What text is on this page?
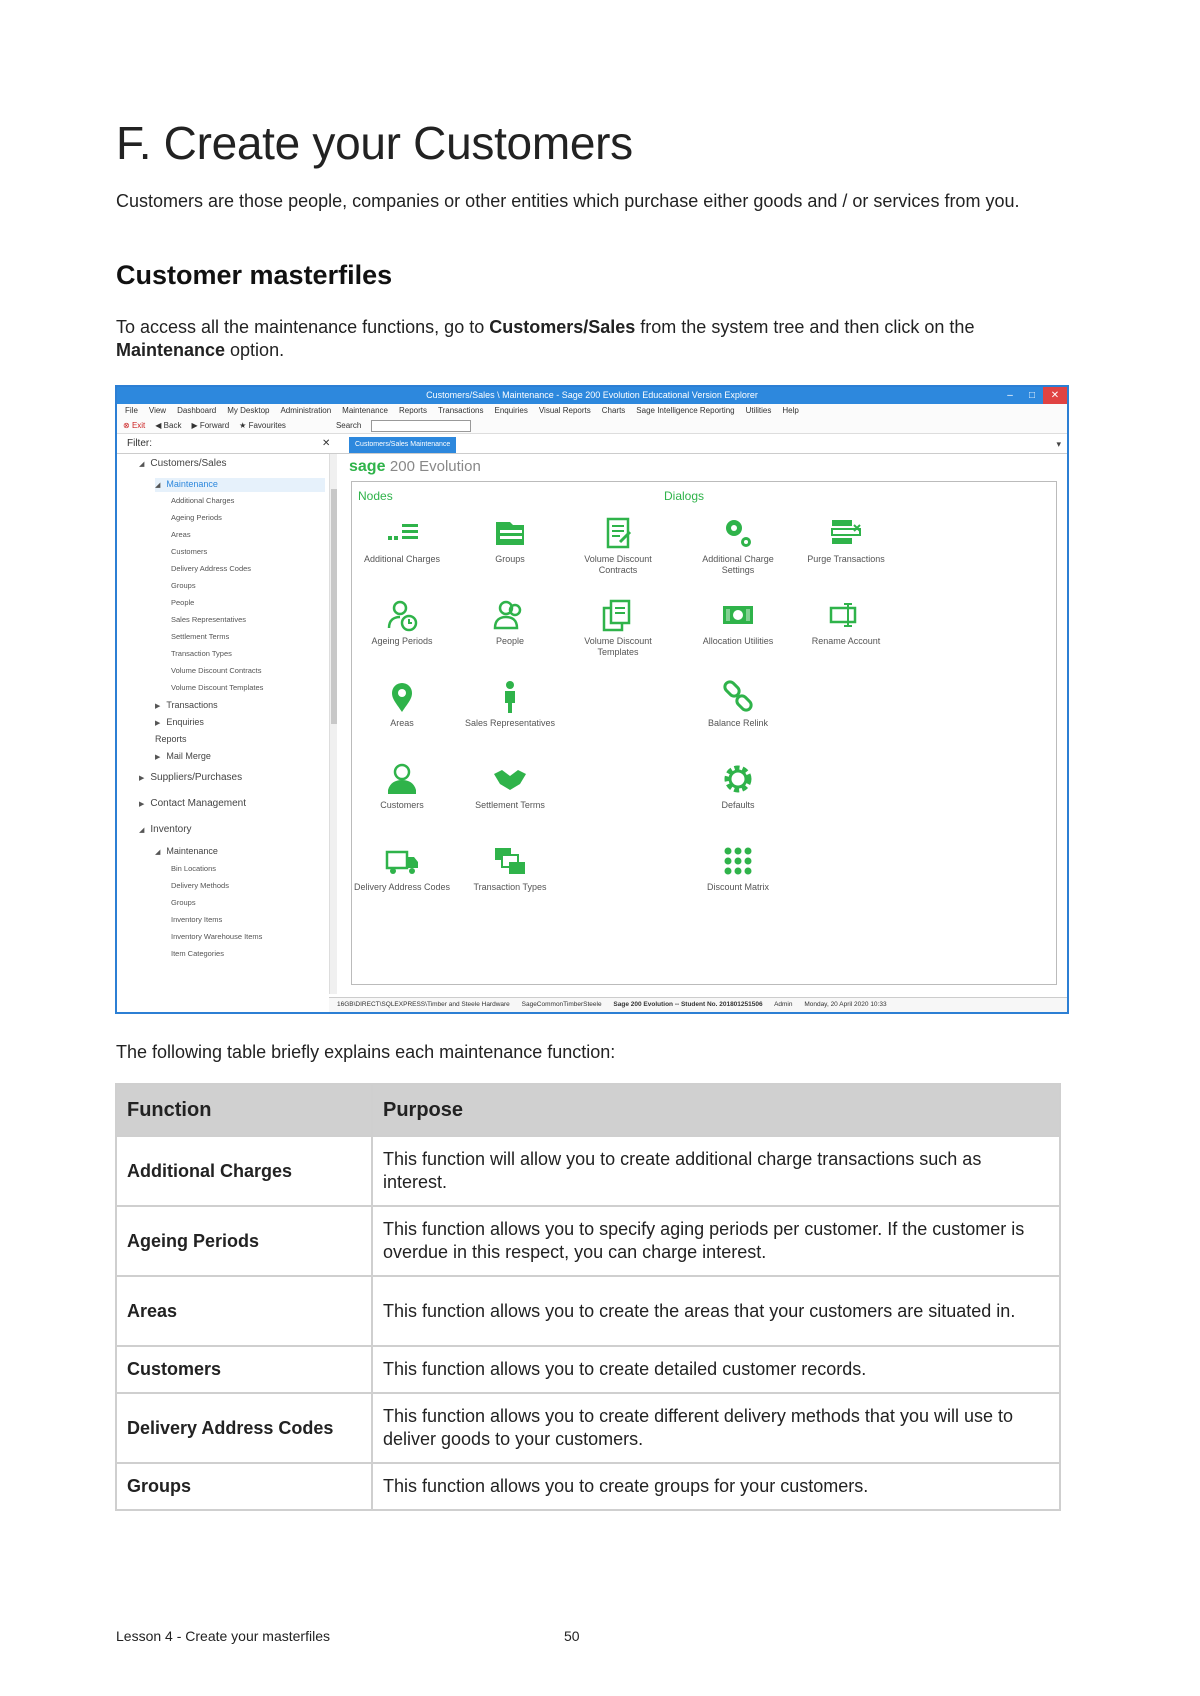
F. Create your Customers
Customers are those people, companies or other entities which purchase either goods and / or services from you.
Customer masterfiles
To access all the maintenance functions, go to Customers/Sales from the system tree and then click on the Maintenance option.
Customers/Sales \ Maintenance - Sage 200 Evolution Educational Version Explorer	–	□	✕
File View Dashboard My Desktop Administration Maintenance Reports Transactions Enquiries Visual Reports Charts Sage Intelligence Reporting Utilities Help
⊗ Exit ◀ Back ▶ Forward ★ Favourites	Search
Filter:	✕	Customers/Sales Maintenance	▾
◢ Customers/Sales
◢ Maintenance
Additional Charges
Ageing Periods
Areas
Customers
Delivery Address Codes
Groups
People
Sales Representatives
Settlement Terms
Transaction Types
Volume Discount Contracts
Volume Discount Templates
▶ Transactions
▶ Enquiries
Reports
▶ Mail Merge
▶ Suppliers/Purchases
▶ Contact Management
◢ Inventory
◢ Maintenance
Bin Locations
Delivery Methods
Groups
Inventory Items
Inventory Warehouse Items
Item Categories
sage 200 Evolution
Nodes	Dialogs
Additional Charges	Groups	Volume Discount Contracts
Ageing Periods	People	Volume Discount Templates
Areas	Sales Representatives
Customers	Settlement Terms
Delivery Address Codes	Transaction Types
Additional Charge Settings
Purge Transactions
Allocation Utilities	Rename Account
Balance Relink
Defaults
Discount Matrix
16GB\DIRECT\SQLEXPRESS\Timber and Steele Hardware SageCommonTimberSteele Sage 200 Evolution -- Student No. 201801251506 Admin Monday, 20 April 2020 10:33
The following table briefly explains each maintenance function:
Function	Purpose
Additional Charges	This function will allow you to create additional charge transactions such as interest.
Ageing Periods	This function allows you to specify aging periods per customer. If the customer is overdue in this respect, you can charge interest.
Areas	This function allows you to create the areas that your customers are situated in.
Customers	This function allows you to create detailed customer records.
Delivery Address Codes	This function allows you to create different delivery methods that you will use to deliver goods to your customers.
Groups	This function allows you to create groups for your customers.
Lesson 4 - Create your masterfiles	50
